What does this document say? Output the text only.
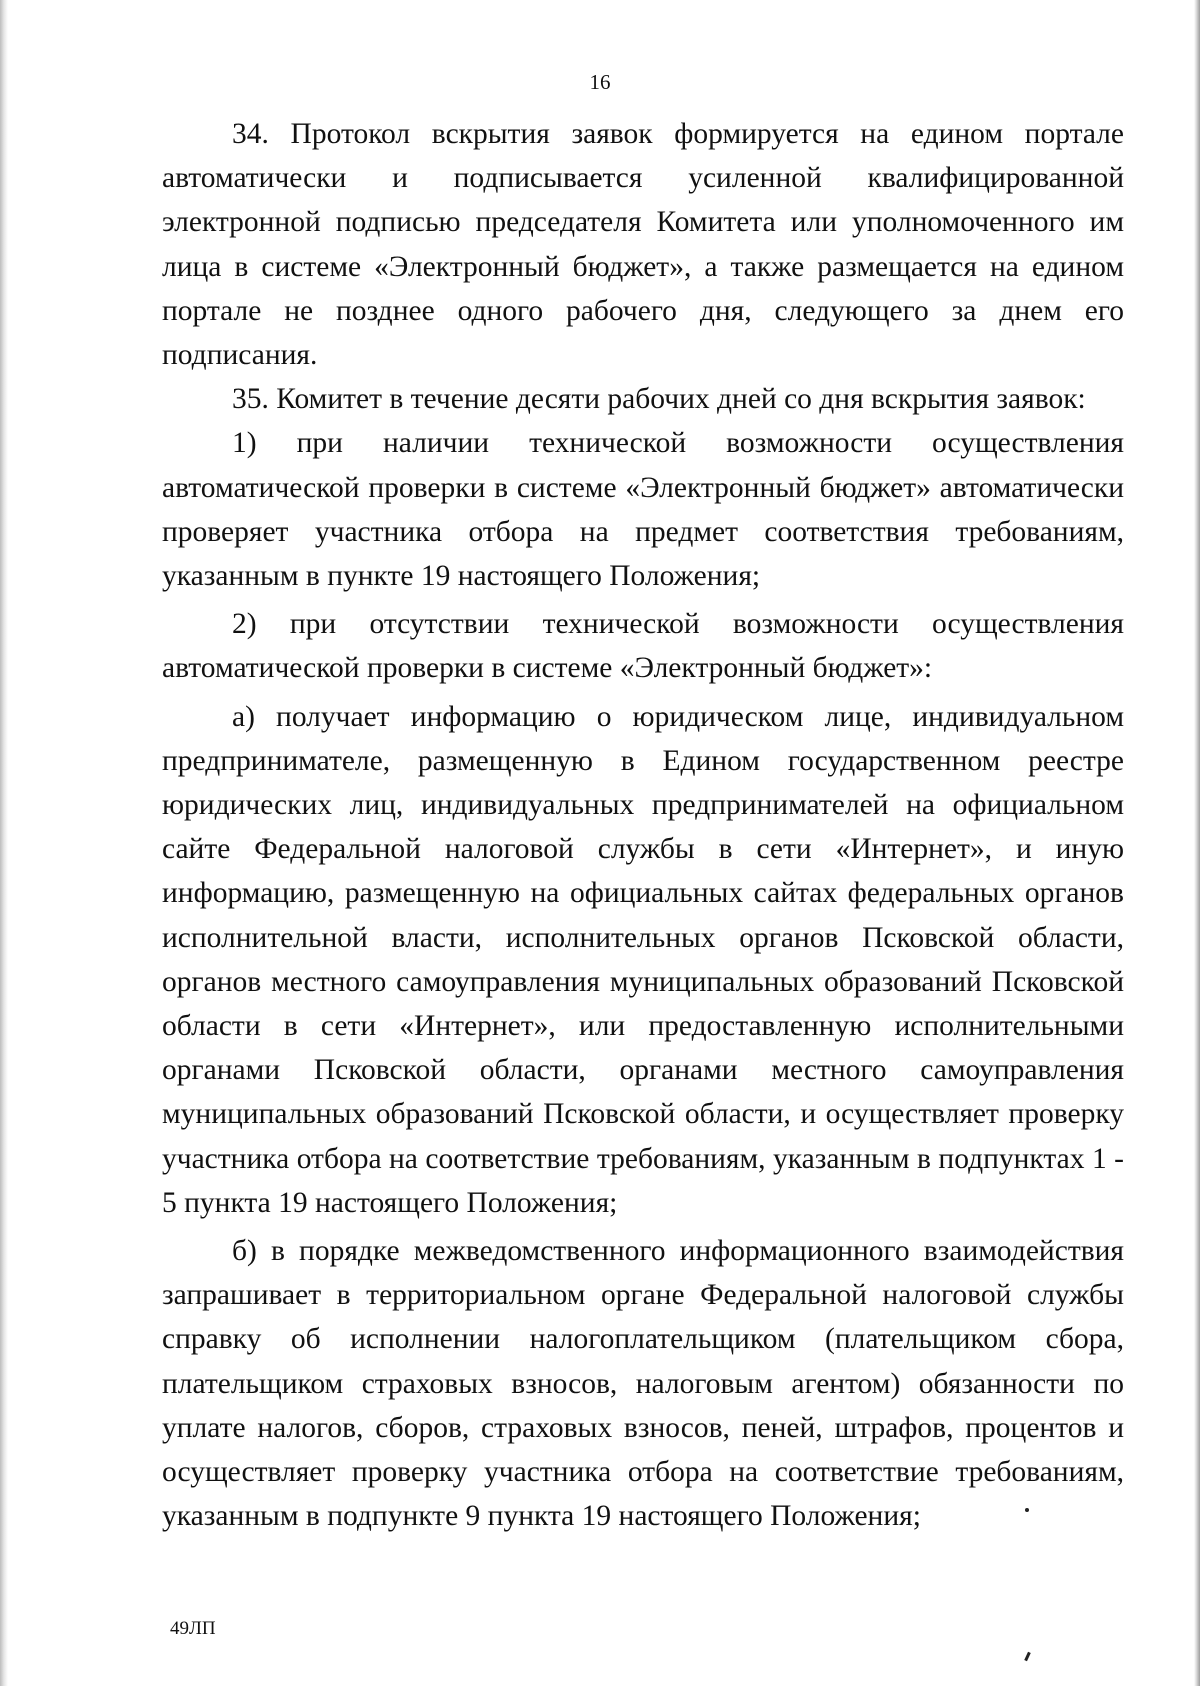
16

34. Протокол вскрытия заявок формируется на едином портале автоматически и подписывается усиленной квалифицированной электронной подписью председателя Комитета или уполномоченного им лица в системе «Электронный бюджет», а также размещается на едином портале не позднее одного рабочего дня, следующего за днем его подписания.

35. Комитет в течение десяти рабочих дней со дня вскрытия заявок:

1) при наличии технической возможности осуществления автоматической проверки в системе «Электронный бюджет» автоматически проверяет участника отбора на предмет соответствия требованиям, указанным в пункте 19 настоящего Положения;

2) при отсутствии технической возможности осуществления автоматической проверки в системе «Электронный бюджет»:

а) получает информацию о юридическом лице, индивидуальном предпринимателе, размещенную в Едином государственном реестре юридических лиц, индивидуальных предпринимателей на официальном сайте Федеральной налоговой службы в сети «Интернет», и иную информацию, размещенную на официальных сайтах федеральных органов исполнительной власти, исполнительных органов Псковской области, органов местного самоуправления муниципальных образований Псковской области в сети «Интернет», или предоставленную исполнительными органами Псковской области, органами местного самоуправления муниципальных образований Псковской области, и осуществляет проверку участника отбора на соответствие требованиям, указанным в подпунктах 1 - 5 пункта 19 настоящего Положения;

б) в порядке межведомственного информационного взаимодействия запрашивает в территориальном органе Федеральной налоговой службы справку об исполнении налогоплательщиком (плательщиком сбора, плательщиком страховых взносов, налоговым агентом) обязанности по уплате налогов, сборов, страховых взносов, пеней, штрафов, процентов и осуществляет проверку участника отбора на соответствие требованиям, указанным в подпункте 9 пункта 19 настоящего Положения;

49ЛП
